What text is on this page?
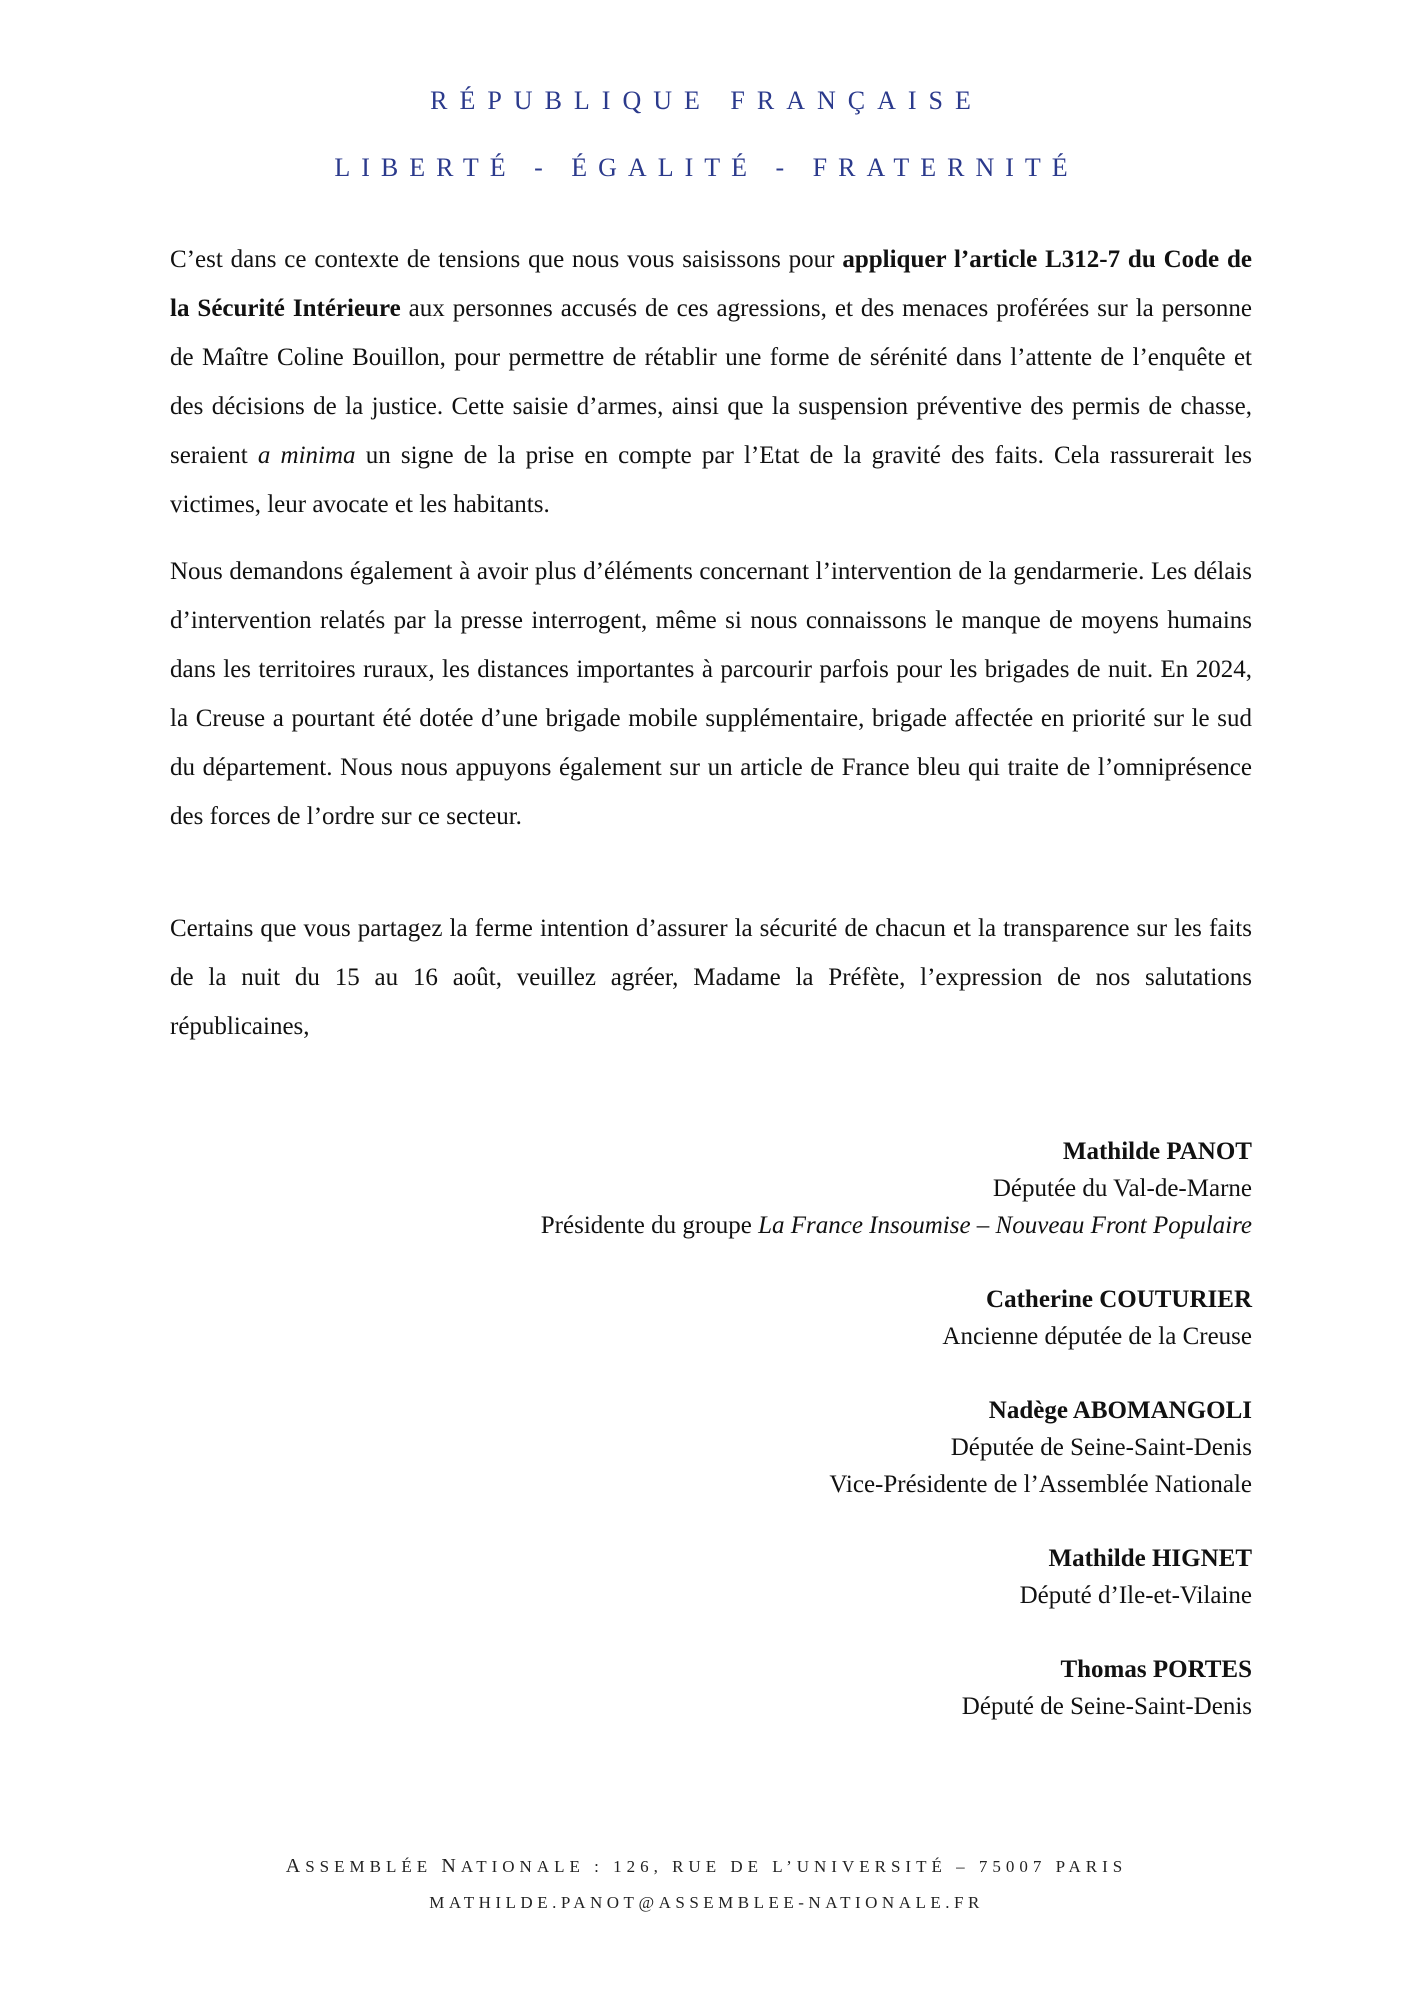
RÉPUBLIQUE FRANÇAISE
LIBERTÉ - ÉGALITÉ - FRATERNITÉ
C’est dans ce contexte de tensions que nous vous saisissons pour appliquer l’article L312-7 du Code de la Sécurité Intérieure aux personnes accusés de ces agressions, et des menaces proférées sur la personne de Maître Coline Bouillon, pour permettre de rétablir une forme de sérénité dans l’attente de l’enquête et des décisions de la justice. Cette saisie d’armes, ainsi que la suspension préventive des permis de chasse, seraient a minima un signe de la prise en compte par l’Etat de la gravité des faits. Cela rassurerait les victimes, leur avocate et les habitants.
Nous demandons également à avoir plus d’éléments concernant l’intervention de la gendarmerie. Les délais d’intervention relatés par la presse interrogent, même si nous connaissons le manque de moyens humains dans les territoires ruraux, les distances importantes à parcourir parfois pour les brigades de nuit. En 2024, la Creuse a pourtant été dotée d’une brigade mobile supplémentaire, brigade affectée en priorité sur le sud du département. Nous nous appuyons également sur un article de France bleu qui traite de l’omniprésence des forces de l’ordre sur ce secteur.
Certains que vous partagez la ferme intention d’assurer la sécurité de chacun et la transparence sur les faits de la nuit du 15 au 16 août, veuillez agréer, Madame la Préfète, l’expression de nos salutations républicaines,
Mathilde PANOT
Députée du Val-de-Marne
Présidente du groupe La France Insoumise – Nouveau Front Populaire
Catherine COUTURIER
Ancienne députée de la Creuse
Nadège ABOMANGOLI
Députée de Seine-Saint-Denis
Vice-Présidente de l’Assemblée Nationale
Mathilde HIGNET
Député d’Ile-et-Vilaine
Thomas PORTES
Député de Seine-Saint-Denis
ASSEMBLÉE NATIONALE : 126, RUE DE L’UNIVERSITÉ – 75007 PARIS
MATHILDE.PANOT@ASSEMBLEE-NATIONALE.FR
